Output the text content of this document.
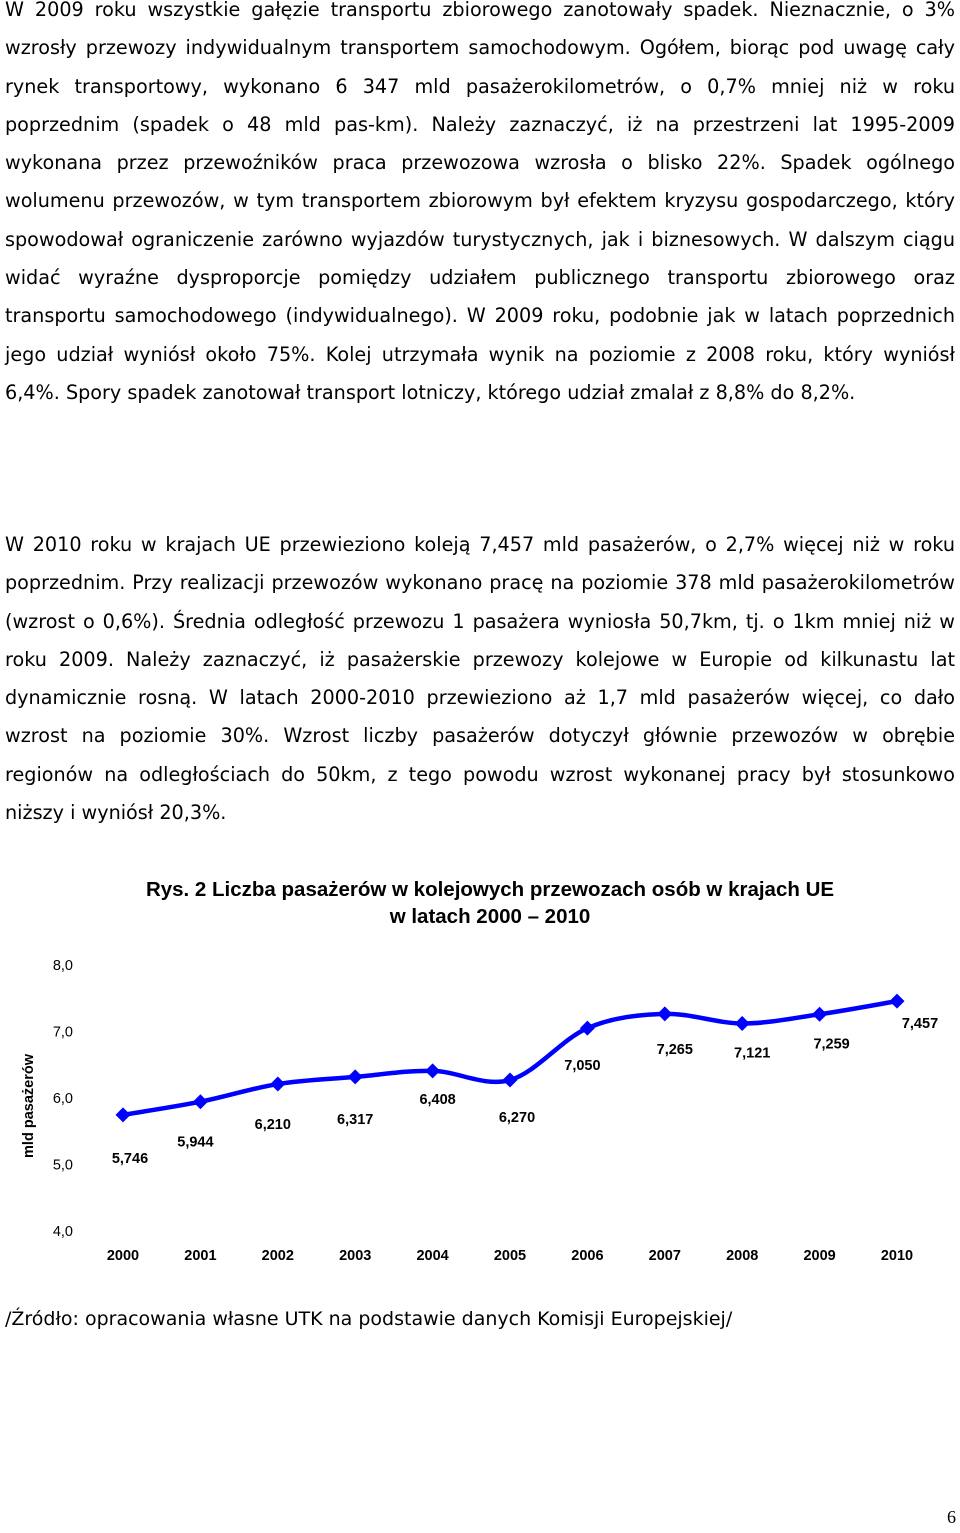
W 2009 roku wszystkie gałęzie transportu zbiorowego zanotowały spadek. Nieznacznie, o 3% wzrosły przewozy indywidualnym transportem samochodowym. Ogółem, biorąc pod uwagę cały rynek transportowy, wykonano 6 347 mld pasażerokilometrów, o 0,7% mniej niż w roku poprzednim (spadek o 48 mld pas-km). Należy zaznaczyć, iż na przestrzeni lat 1995-2009 wykonana przez przewoźników praca przewozowa wzrosła o blisko 22%. Spadek ogólnego wolumenu przewozów, w tym transportem zbiorowym był efektem kryzysu gospodarczego, który spowodował ograniczenie zarówno wyjazdów turystycznych, jak i biznesowych. W dalszym ciągu widać wyraźne dysproporcje pomiędzy udziałem publicznego transportu zbiorowego oraz transportu samochodowego (indywidualnego). W 2009 roku, podobnie jak w latach poprzednich jego udział wyniósł około 75%. Kolej utrzymała wynik na poziomie z 2008 roku, który wyniósł 6,4%. Spory spadek zanotował transport lotniczy, którego udział zmalał z 8,8% do 8,2%.

W 2010 roku w krajach UE przewieziono koleją 7,457 mld pasażerów, o 2,7% więcej niż w roku poprzednim. Przy realizacji przewozów wykonano pracę na poziomie 378 mld pasażerokilometrów (wzrost o 0,6%). Średnia odległość przewozu 1 pasażera wyniosła 50,7km, tj. o 1km mniej niż w roku 2009. Należy zaznaczyć, iż pasażerskie przewozy kolejowe w Europie od kilkunastu lat dynamicznie rosną. W latach 2000-2010 przewieziono aż 1,7 mld pasażerów więcej, co dało wzrost na poziomie 30%. Wzrost liczby pasażerów dotyczył głównie przewozów w obrębie regionów na odległościach do 50km, z tego powodu wzrost wykonanej pracy był stosunkowo niższy i wyniósł 20,3%.

Rys. 2 Liczba pasażerów w kolejowych przewozach osób w krajach UE
w latach 2000 – 2010
4,0
5,0
6,0
7,0
8,0
mld pasażerów
2000	2001	2002	2003	2004	2005	2006	2007	2008	2009	2010
5,746
5,944
6,210	6,317
6,408
6,270
7,050
7,265	7,121
7,259
7,457

/Źródło: opracowania własne UTK na podstawie danych Komisji Europejskiej/

6
